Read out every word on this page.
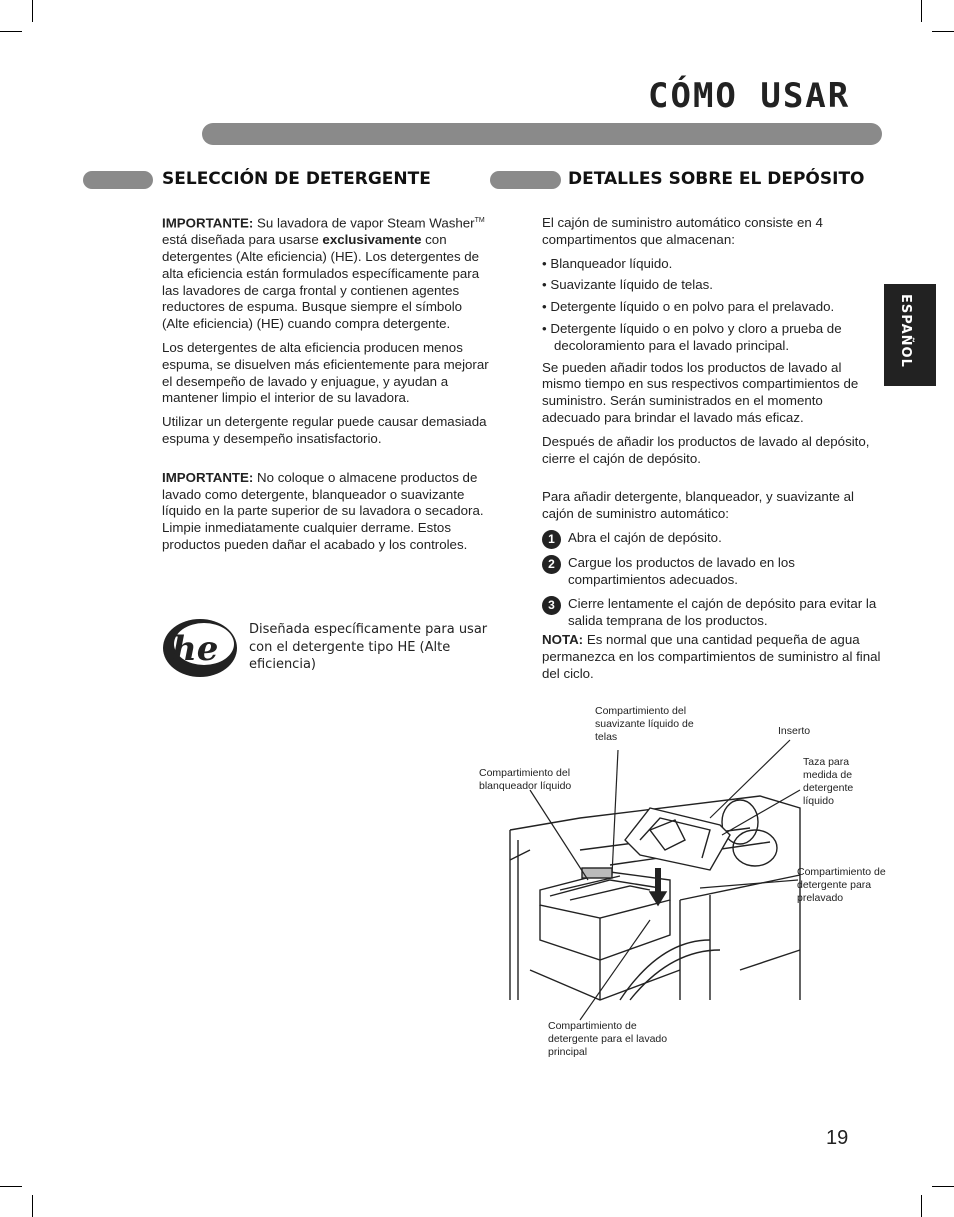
CÓMO USAR
ESPAÑOL
SELECCIÓN DE DETERGENTE

IMPORTANTE: Su lavadora de vapor Steam Washer™ está diseñada para usarse exclusivamente con detergentes (Alte eficiencia) (HE). Los detergentes de alta eficiencia están formulados específicamente para las lavadores de carga frontal y contienen agentes reductores de espuma. Busque siempre el símbolo (Alte eficiencia) (HE) cuando compra detergente.

Los detergentes de alta eficiencia producen menos espuma, se disuelven más eficientemente para mejorar el desempeño de lavado y enjuague, y ayudan a mantener limpio el interior de su lavadora.

Utilizar un detergente regular puede causar demasiada espuma y desempeño insatisfactorio.

IMPORTANTE: No coloque o almacene productos de lavado como detergente, blanqueador o suavizante líquido en la parte superior de su lavadora o secadora. Limpie inmediatamente cualquier derrame. Estos productos pueden dañar el acabado y los controles.

he Diseñada específicamente para usar con el detergente tipo HE (Alte eficiencia)
DETALLES SOBRE EL DEPÓSITO

El cajón de suministro automático consiste en 4 compartimentos que almacenan:

• Blanqueador líquido.

• Suavizante líquido de telas.

• Detergente líquido o en polvo para el prelavado.

• Detergente líquido o en polvo y cloro a prueba de decoloramiento para el lavado principal.

Se pueden añadir todos los productos de lavado al mismo tiempo en sus respectivos compartimientos de suministro. Serán suministrados en el momento adecuado para brindar el lavado más eficaz.

Después de añadir los productos de lavado al depósito, cierre el cajón de depósito.

Para añadir detergente, blanqueador, y suavizante al cajón de suministro automático:

1 Abra el cajón de depósito.

2 Cargue los productos de lavado en los compartimientos adecuados.

3 Cierre lentamente el cajón de depósito para evitar la salida temprana de los productos.

NOTA: Es normal que una cantidad pequeña de agua permanezca en los compartimientos de suministro al final del ciclo.

Compartimiento del suavizante líquido de telas	Inserto
Compartimiento del blanqueador líquido
Taza para medida de detergente líquido
Compartimiento de detergente para prelavado
Compartimiento de detergente para el lavado principal
19
